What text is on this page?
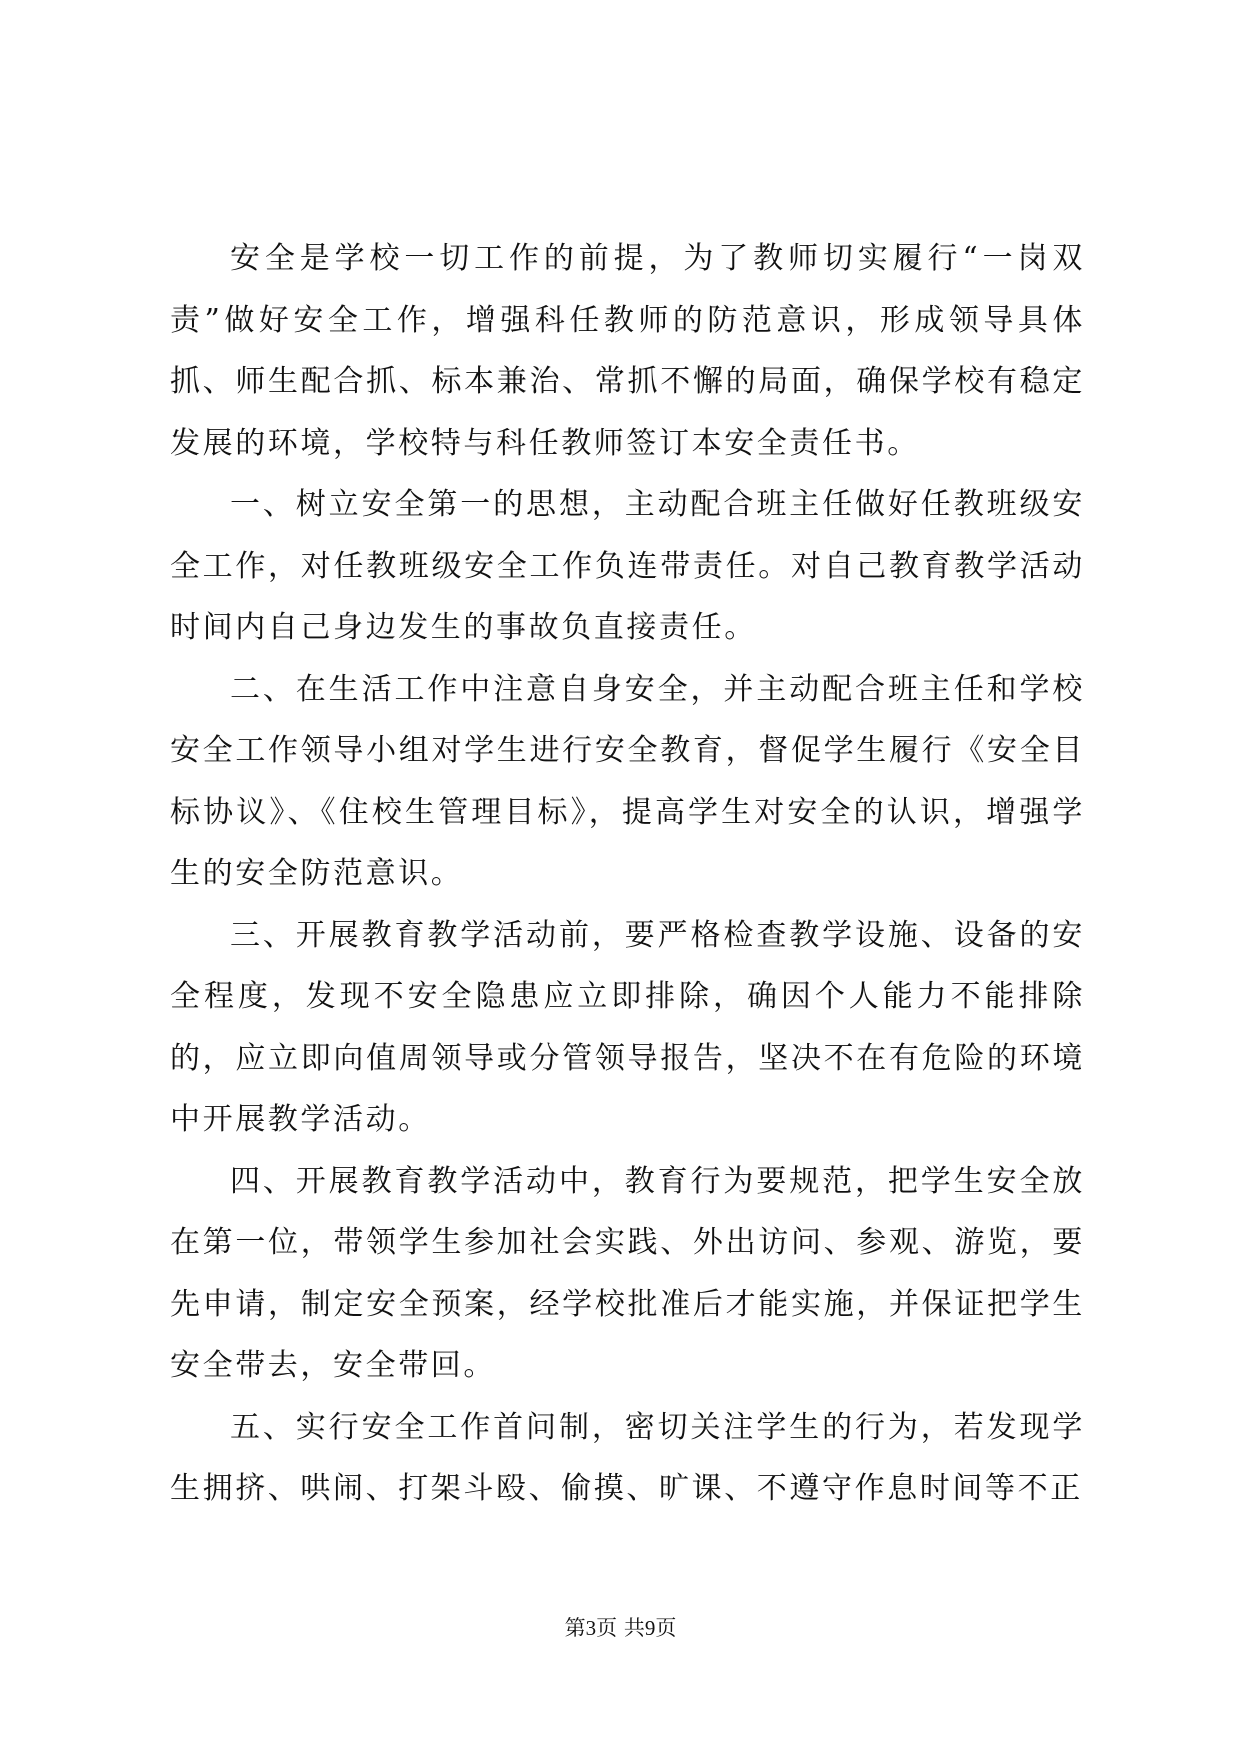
安全是学校一切工作的前提，为了教师切实履行“一岗双责”做好安全工作，增强科任教师的防范意识，形成领导具体抓、师生配合抓、标本兼治、常抓不懈的局面，确保学校有稳定发展的环境，学校特与科任教师签订本安全责任书。

一、树立安全第一的思想，主动配合班主任做好任教班级安全工作，对任教班级安全工作负连带责任。对自己教育教学活动时间内自己身边发生的事故负直接责任。

二、在生活工作中注意自身安全，并主动配合班主任和学校安全工作领导小组对学生进行安全教育，督促学生履行《安全目标协议》、《住校生管理目标》，提高学生对安全的认识，增强学生的安全防范意识。

三、开展教育教学活动前，要严格检查教学设施、设备的安全程度，发现不安全隐患应立即排除，确因个人能力不能排除的，应立即向值周领导或分管领导报告，坚决不在有危险的环境中开展教学活动。

四、开展教育教学活动中，教育行为要规范，把学生安全放在第一位，带领学生参加社会实践、外出访问、参观、游览，要先申请，制定安全预案，经学校批准后才能实施，并保证把学生安全带去，安全带回。

五、实行安全工作首问制，密切关注学生的行为，若发现学生拥挤、哄闹、打架斗殴、偷摸、旷课、不遵守作息时间等不正

第3页 共9页
